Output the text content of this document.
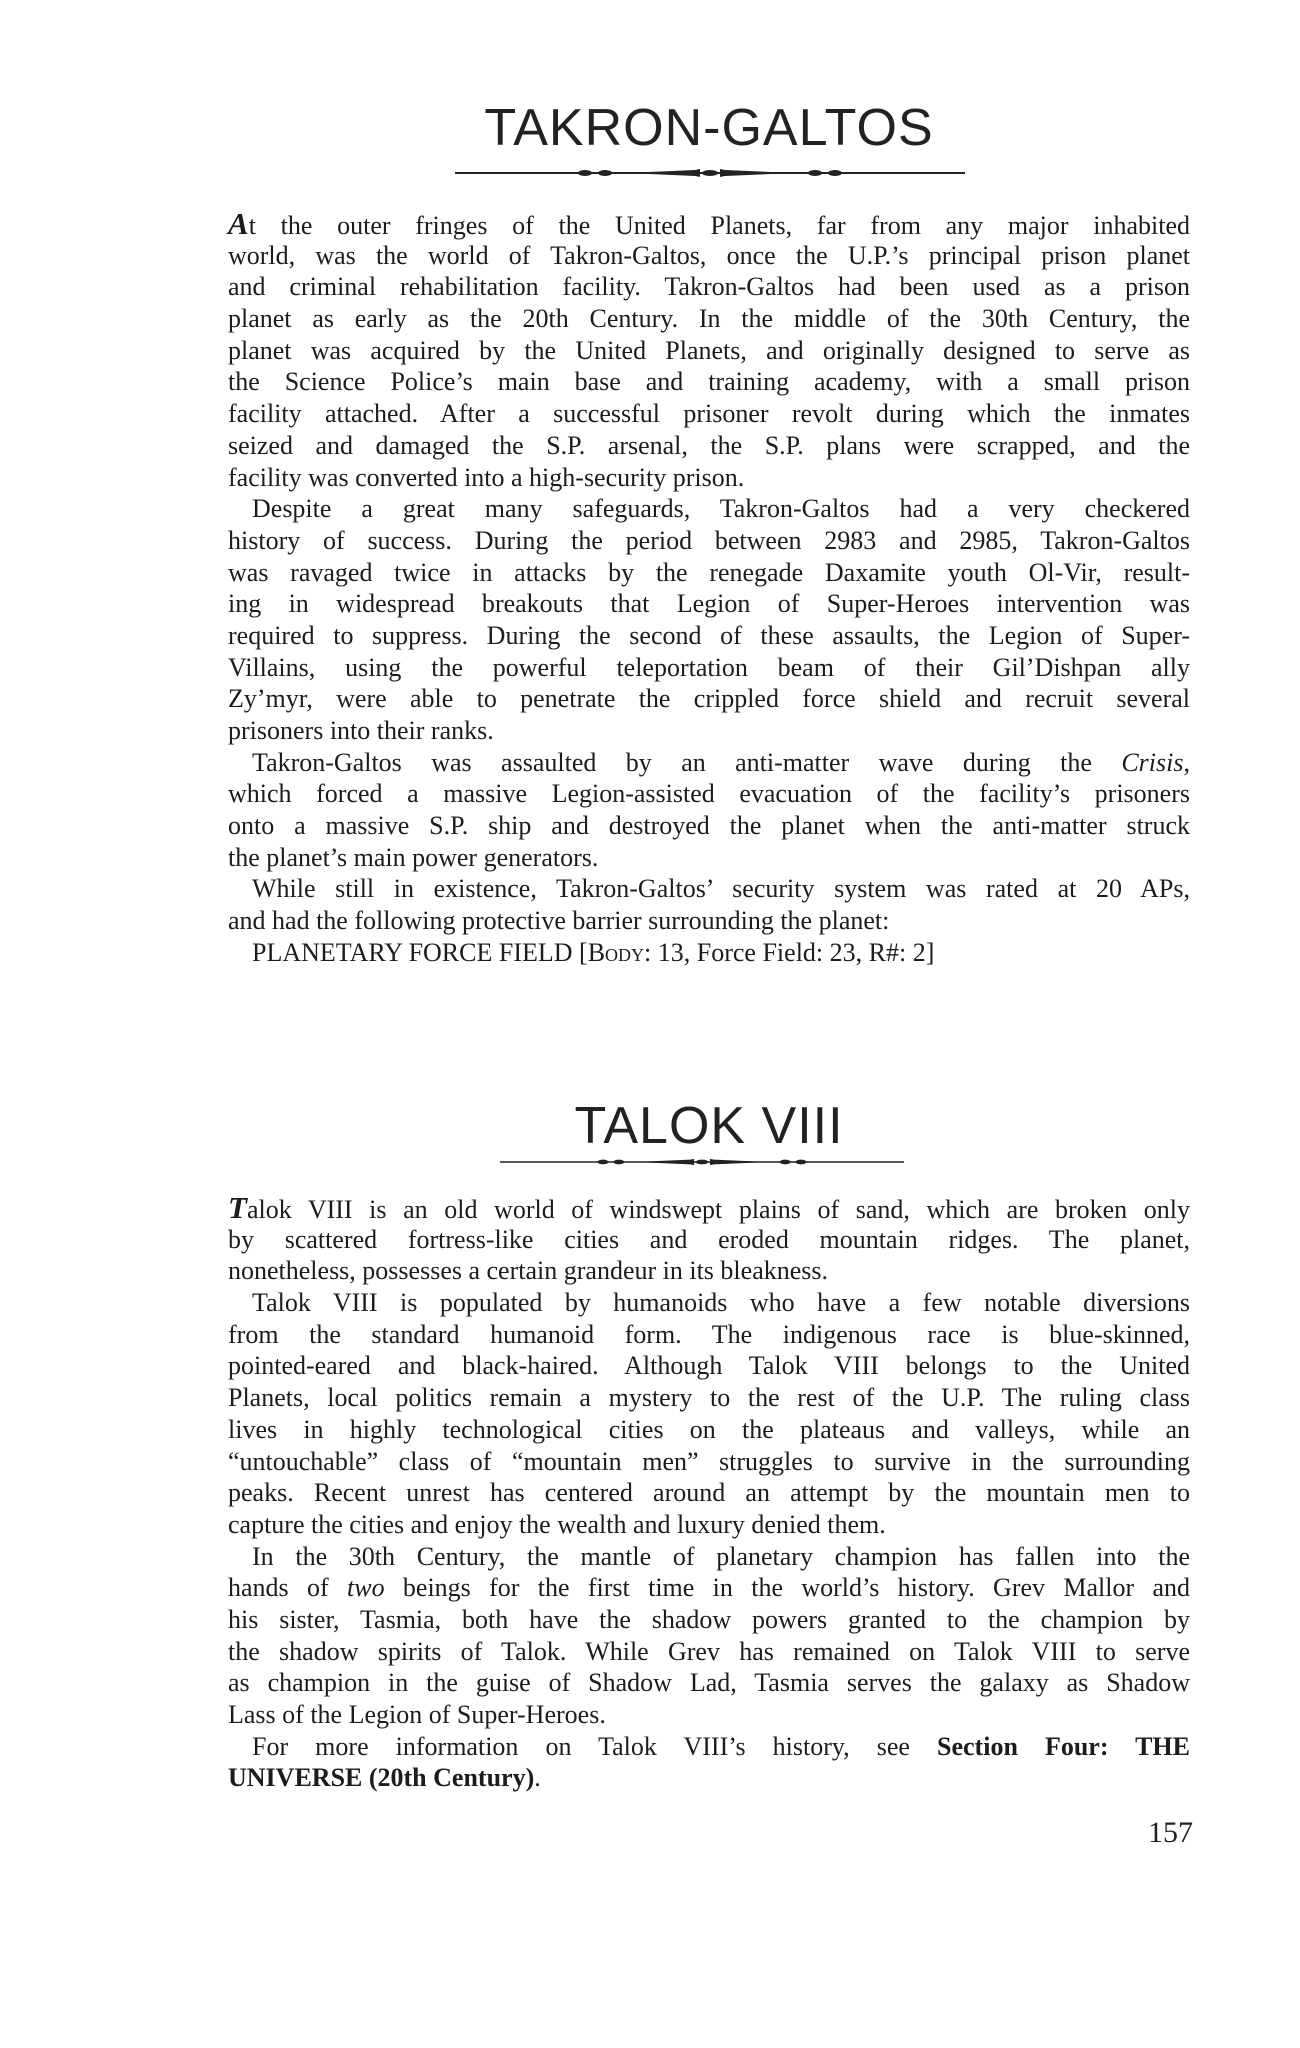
TAKRON-GALTOS
At the outer fringes of the United Planets, far from any major inhabited
world, was the world of Takron-Galtos, once the U.P.’s principal prison planet
and criminal rehabilitation facility. Takron-Galtos had been used as a prison
planet as early as the 20th Century. In the middle of the 30th Century, the
planet was acquired by the United Planets, and originally designed to serve as
the Science Police’s main base and training academy, with a small prison
facility attached. After a successful prisoner revolt during which the inmates
seized and damaged the S.P. arsenal, the S.P. plans were scrapped, and the
facility was converted into a high-security prison.
Despite a great many safeguards, Takron-Galtos had a very checkered
history of success. During the period between 2983 and 2985, Takron-Galtos
was ravaged twice in attacks by the renegade Daxamite youth Ol-Vir, result-
ing in widespread breakouts that Legion of Super-Heroes intervention was
required to suppress. During the second of these assaults, the Legion of Super-
Villains, using the powerful teleportation beam of their Gil’Dishpan ally
Zy’myr, were able to penetrate the crippled force shield and recruit several
prisoners into their ranks.
Takron-Galtos was assaulted by an anti-matter wave during the Crisis,
which forced a massive Legion-assisted evacuation of the facility’s prisoners
onto a massive S.P. ship and destroyed the planet when the anti-matter struck
the planet’s main power generators.
While still in existence, Takron-Galtos’ security system was rated at 20 APs,
and had the following protective barrier surrounding the planet:
PLANETARY FORCE FIELD [Body: 13, Force Field: 23, R#: 2]
TALOK VIII
Talok VIII is an old world of windswept plains of sand, which are broken only
by scattered fortress-like cities and eroded mountain ridges. The planet,
nonetheless, possesses a certain grandeur in its bleakness.
Talok VIII is populated by humanoids who have a few notable diversions
from the standard humanoid form. The indigenous race is blue-skinned,
pointed-eared and black-haired. Although Talok VIII belongs to the United
Planets, local politics remain a mystery to the rest of the U.P. The ruling class
lives in highly technological cities on the plateaus and valleys, while an
“untouchable” class of “mountain men” struggles to survive in the surrounding
peaks. Recent unrest has centered around an attempt by the mountain men to
capture the cities and enjoy the wealth and luxury denied them.
In the 30th Century, the mantle of planetary champion has fallen into the
hands of two beings for the first time in the world’s history. Grev Mallor and
his sister, Tasmia, both have the shadow powers granted to the champion by
the shadow spirits of Talok. While Grev has remained on Talok VIII to serve
as champion in the guise of Shadow Lad, Tasmia serves the galaxy as Shadow
Lass of the Legion of Super-Heroes.
For more information on Talok VIII’s history, see Section Four: THE
UNIVERSE (20th Century).
157
